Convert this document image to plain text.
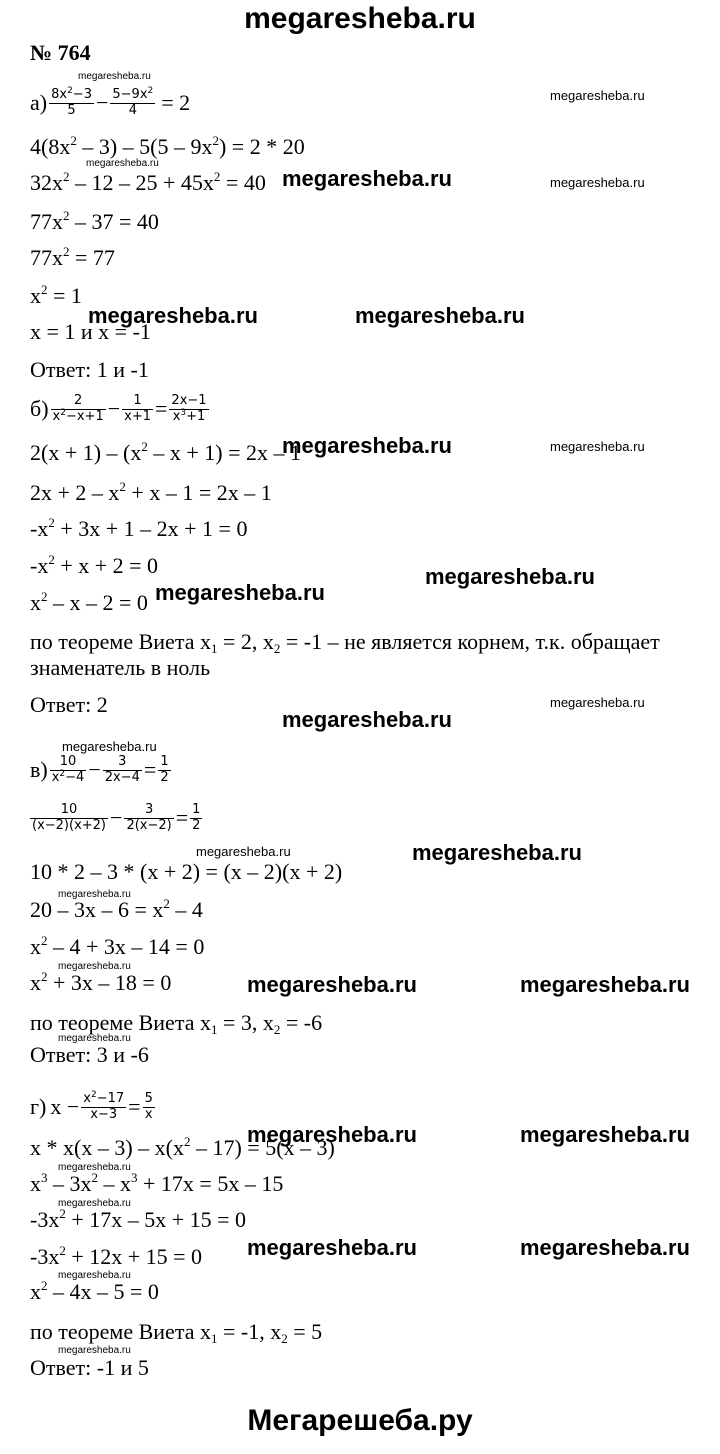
megaresheba.ru
№ 764
$а) \frac{8x^2-3}{5} - \frac{5-9x^2}{4} = 2$
$4(8x^2 - 3) - 5(5 - 9x^2) = 2 * 20$
$32x^2 - 12 - 25 + 45x^2 = 40$
$77x^2 - 37 = 40$
$77x^2 = 77$
$x^2 = 1$
x = 1 и x = -1
Ответ: 1 и -1
$б) \frac{2}{x^2-x+1} - \frac{1}{x+1} = \frac{2x-1}{x^3+1}$
$2(x + 1) - (x^2 - x + 1) = 2x - 1$
$2x + 2 - x^2 + x - 1 = 2x - 1$
$-x^2 + 3x + 1 - 2x + 1 = 0$
$-x^2 + x + 2 = 0$
$x^2 - x - 2 = 0$
по теореме Виета $x_1 = 2$, $x_2 = -1$ – не является корнем, т.к. обращает
знаменатель в ноль
Ответ: 2
$в) \frac{10}{x^2-4} - \frac{3}{2x-4} = \frac{1}{2}$
$\frac{10}{(x-2)(x+2)} - \frac{3}{2(x-2)} = \frac{1}{2}$
10 * 2 – 3 * (x + 2) = (x – 2)(x + 2)
$20 - 3x - 6 = x^2 - 4$
$x^2 - 4 + 3x - 14 = 0$
$x^2 + 3x - 18 = 0$
по теореме Виета $x_1 = 3$, $x_2 = -6$
Ответ: 3 и -6
г) $x - \frac{x^2-17}{x-3} = \frac{5}{x}$
$x * x(x - 3) - x(x^2 - 17) = 5(x - 3)$
$x^3 - 3x^2 - x^3 + 17x = 5x - 15$
$-3x^2 + 17x - 5x + 15 = 0$
$-3x^2 + 12x + 15 = 0$
$x^2 - 4x - 5 = 0$
по теореме Виета $x_1 = -1$, $x_2 = 5$
Ответ: -1 и 5
megaresheba.ru
megaresheba.ru
megaresheba.ru
megaresheba.ru	megaresheba.ru
megaresheba.ru	megaresheba.ru
megaresheba.ru	megaresheba.ru
megaresheba.ru
megaresheba.ru
megaresheba.ru
megaresheba.ru
megaresheba.ru
megaresheba.ru	megaresheba.ru
megaresheba.ru
megaresheba.ru
megaresheba.ru	megaresheba.ru
megaresheba.ru
megaresheba.ru	megaresheba.ru
megaresheba.ru
megaresheba.ru
megaresheba.ru	megaresheba.ru
megaresheba.ru
megaresheba.ru
Мегарешеба.ру
